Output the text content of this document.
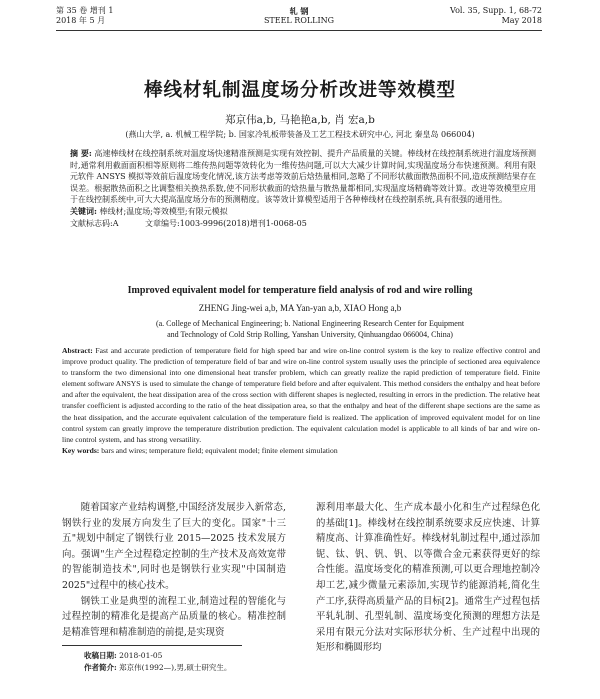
第 35 卷 增刊 1
2018 年 5 月
轧 钢
STEEL ROLLING
Vol. 35, Supp. 1, 68-72
May 2018
棒线材轧制温度场分析改进等效模型
郑京伟a,b, 马艳艳a,b, 肖 宏a,b
(燕山大学, a. 机械工程学院; b. 国家冷轧板带装备及工艺工程技术研究中心, 河北 秦皇岛 066004)
摘 要: 高速棒线材在线控制系统对温度场快速精准预测是实现有效控制、提升产品质量的关键。棒线材在线控制系统进行温度场预测时,通常利用截面面积相等原则将二维传热问题等效转化为一维传热问题,可以大大减少计算时间,实现温度场分布快速预测。利用有限元软件 ANSYS 模拟等效前后温度场变化情况,该方法考虑等效前后焓热量相同,忽略了不同形状截面散热面积不同,造成预测结果存在误差。根据散热面积之比调整相关换热系数,使不同形状截面的焓热量与散热量都相同,实现温度场精确等效计算。改进等效模型应用于在线控制系统中,可大大提高温度场分布的预测精度。该等效计算模型适用于各种棒线材在线控制系统,具有很强的通用性。
关键词: 棒线材;温度场;等效模型;有限元模拟
文献标志码:A	文章编号:1003-9996(2018)增刊1-0068-05
Improved equivalent model for temperature field analysis of rod and wire rolling
ZHENG Jing-wei a,b, MA Yan-yan a,b, XIAO Hong a,b
(a. College of Mechanical Engineering; b. National Engineering Research Center for Equipment
and Technology of Cold Strip Rolling, Yanshan University, Qinhuangdao 066004, China)
Abstract: Fast and accurate prediction of temperature field for high speed bar and wire on-line control system is the key to realize effective control and improve product quality. The prediction of temperature field of bar and wire on-line control system usually uses the principle of sectioned area equivalence to transform the two dimensional into one dimensional heat transfer problem, which can greatly realize the rapid prediction of temperature field. Finite element software ANSYS is used to simulate the change of temperature field before and after equivalent. This method considers the enthalpy and heat before and after the equivalent, the heat dissipation area of the cross section with different shapes is neglected, resulting in errors in the prediction. The relative heat transfer coefficient is adjusted according to the ratio of the heat dissipation area, so that the enthalpy and heat of the different shape sections are the same as the heat dissipation, and the accurate equivalent calculation of the temperature field is realized. The application of improved equivalent model for on line control system can greatly improve the temperature distribution prediction. The equivalent calculation model is applicable to all kinds of bar and wire on-line control system, and has strong versatility.
Key words: bars and wires; temperature field; equivalent model; finite element simulation

随着国家产业结构调整,中国经济发展步入新常态,钢铁行业的发展方向发生了巨大的变化。国家"十三五"规划中制定了钢铁行业 2015—2025 技术发展方向。强调"生产全过程稳定控制的生产技术及高效宽带的智能制造技术",同时也是钢铁行业实现"中国制造 2025"过程中的核心技术。

钢铁工业是典型的流程工业,制造过程的智能化与过程控制的精准化是提高产品质量的核心。精准控制是精准管理和精准制造的前提,是实现资

源利用率最大化、生产成本最小化和生产过程绿色化的基础[1]。棒线材在线控制系统要求反应快速、计算精度高、计算准确性好。棒线材轧制过程中,通过添加铌、钛、钒、钒、钒、以等微合金元素获得更好的综合性能。温度场变化的精准预测,可以更合理地控制冷却工艺,减少微量元素添加,实现节约能源消耗,简化生产工序,获得高质量产品的目标[2]。通常生产过程包括平轧轧制、孔型轧制、温度场变化预测的理想方法是采用有限元分法对实际形状分析、生产过程中出现的矩形和椭圆形均

收稿日期: 2018-01-05
作者简介: 郑京伟(1992—),男,硕士研究生。
